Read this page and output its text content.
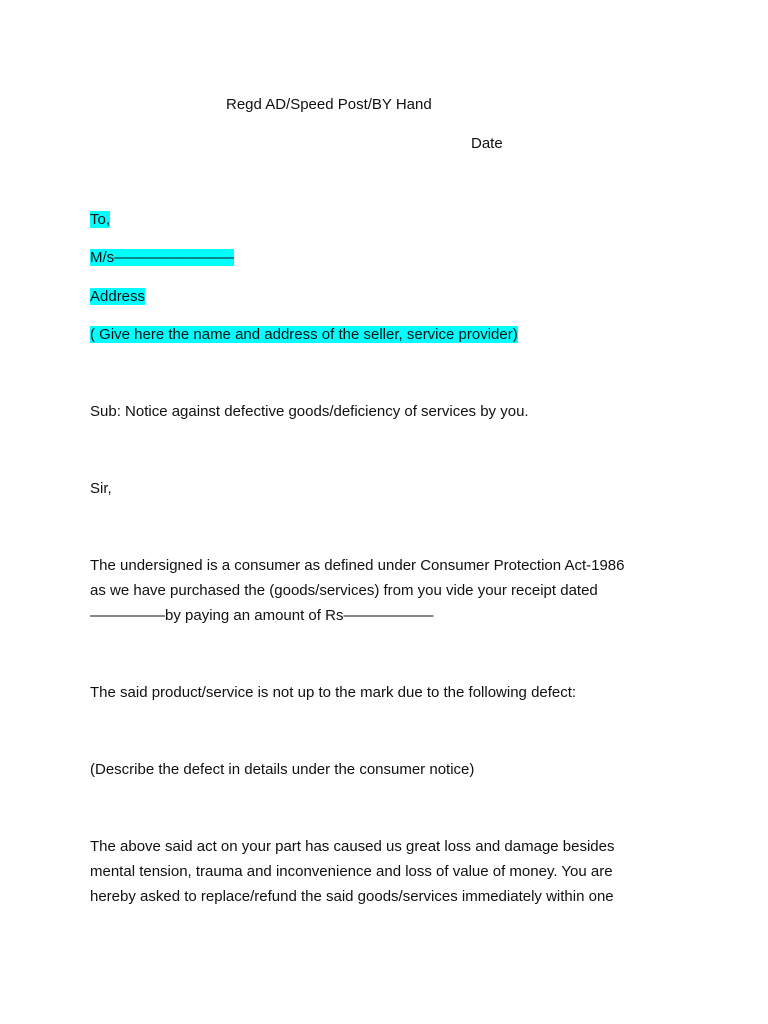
Regd AD/Speed Post/BY Hand
Date
To,
M/s————————
Address
( Give here the name and address of the seller, service provider)
Sub: Notice against defective goods/deficiency of services by you.
Sir,
The undersigned is a consumer as defined under Consumer Protection Act-1986
as we have purchased the (goods/services) from you vide your receipt dated
—————by paying an amount of Rs——————
The said product/service is not up to the mark due to the following defect:
(Describe the defect in details under the consumer notice)
The above said act on your part has caused us great loss and damage besides
mental tension, trauma and inconvenience and loss of value of money. You are
hereby asked to replace/refund the said goods/services immediately within one
